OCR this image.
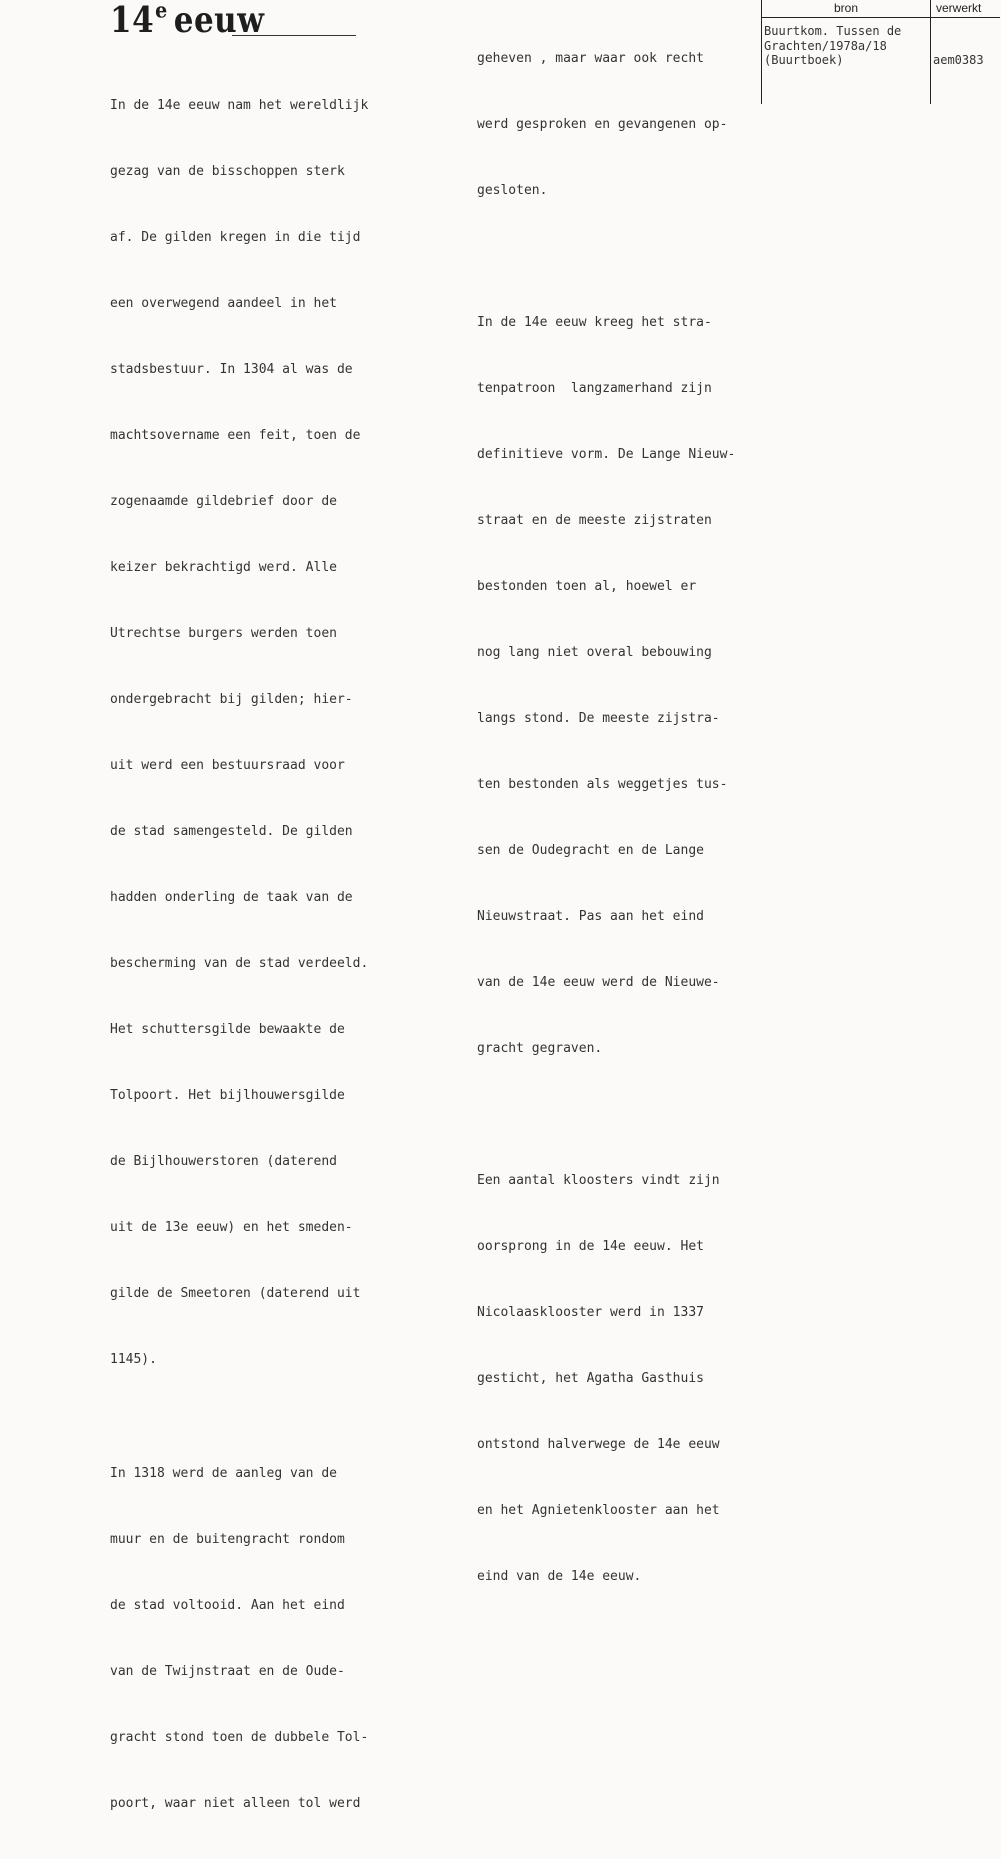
14e eeuw

In de 14e eeuw nam het wereldlijk

gezag van de bisschoppen sterk

af. De gilden kregen in die tijd

een overwegend aandeel in het

stadsbestuur. In 1304 al was de

machtsovername een feit, toen de

zogenaamde gildebrief door de

keizer bekrachtigd werd. Alle

Utrechtse burgers werden toen

ondergebracht bij gilden; hier-

uit werd een bestuursraad voor

de stad samengesteld. De gilden

hadden onderling de taak van de

bescherming van de stad verdeeld.

Het schuttersgilde bewaakte de

Tolpoort. Het bijlhouwersgilde

de Bijlhouwerstoren (daterend

uit de 13e eeuw) en het smeden-

gilde de Smeetoren (daterend uit

1145).

In 1318 werd de aanleg van de

muur en de buitengracht rondom

de stad voltooid. Aan het eind

van de Twijnstraat en de Oude-

gracht stond toen de dubbele Tol-

poort, waar niet alleen tol werd

geheven , maar waar ook recht

werd gesproken en gevangenen op-

gesloten.

In de 14e eeuw kreeg het stra-

tenpatroon  langzamerhand zijn

definitieve vorm. De Lange Nieuw-

straat en de meeste zijstraten

bestonden toen al, hoewel er

nog lang niet overal bebouwing

langs stond. De meeste zijstra-

ten bestonden als weggetjes tus-

sen de Oudegracht en de Lange

Nieuwstraat. Pas aan het eind

van de 14e eeuw werd de Nieuwe-

gracht gegraven.

Een aantal kloosters vindt zijn

oorsprong in de 14e eeuw. Het

Nicolaasklooster werd in 1337

gesticht, het Agatha Gasthuis

ontstond halverwege de 14e eeuw

en het Agnietenklooster aan het

eind van de 14e eeuw.

bron	verwerkt
Buurtkom. Tussen de
Grachten/1978a/18
(Buurtboek)	aem0383
